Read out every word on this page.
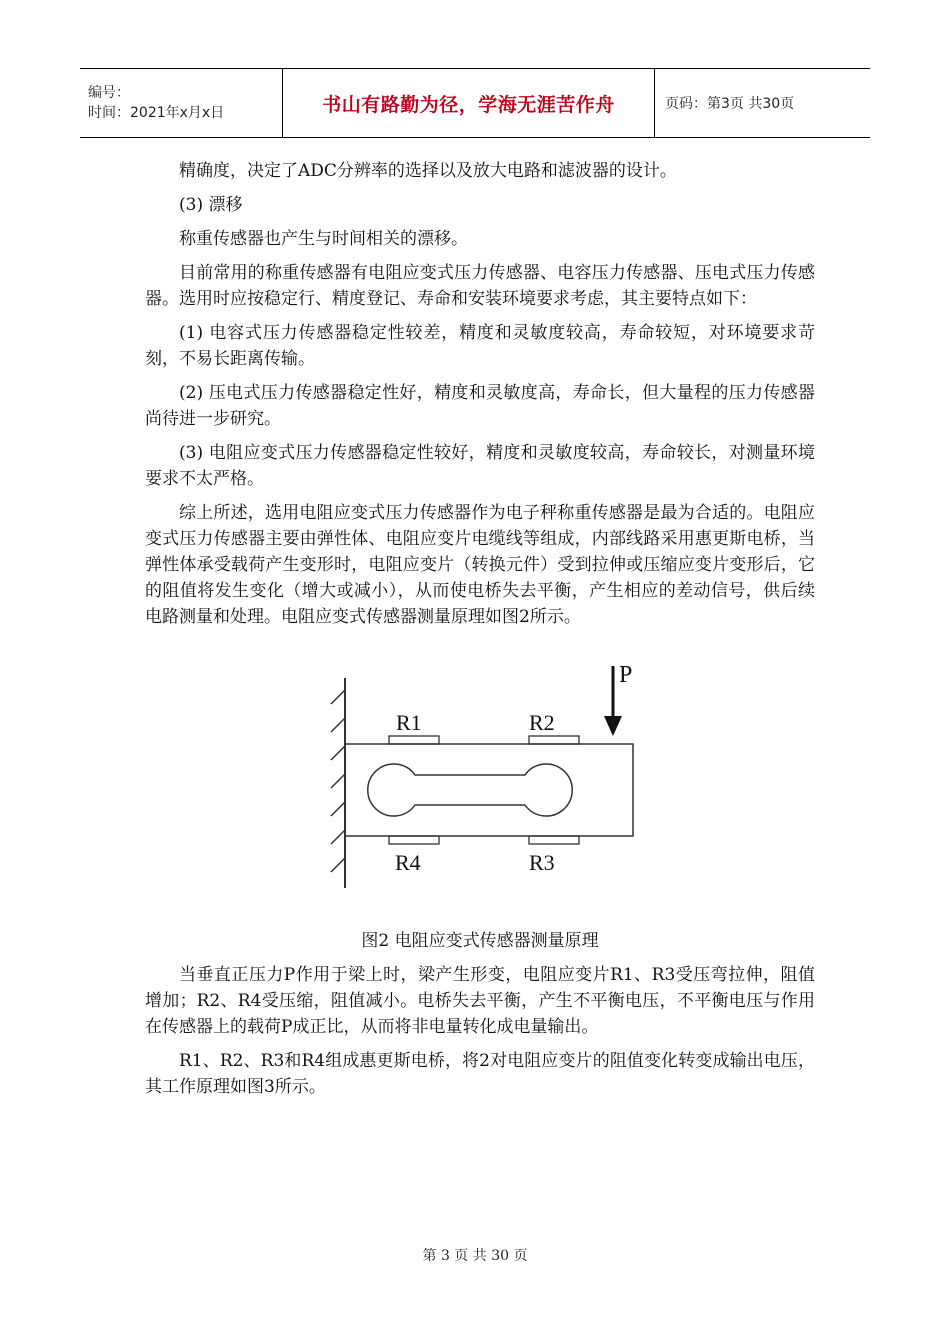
编号：
时间：2021年x月x日	书山有路勤为径，学海无涯苦作舟	页码：第3页 共30页

精确度，决定了ADC分辨率的选择以及放大电路和滤波器的设计。

(3) 漂移

称重传感器也产生与时间相关的漂移。

目前常用的称重传感器有电阻应变式压力传感器、电容压力传感器、压电式压力传感器。选用时应按稳定行、精度登记、寿命和安装环境要求考虑，其主要特点如下：

(1) 电容式压力传感器稳定性较差，精度和灵敏度较高，寿命较短，对环境要求苛刻，不易长距离传输。

(2) 压电式压力传感器稳定性好，精度和灵敏度高，寿命长，但大量程的压力传感器尚待进一步研究。

(3) 电阻应变式压力传感器稳定性较好，精度和灵敏度较高，寿命较长，对测量环境要求不太严格。

综上所述，选用电阻应变式压力传感器作为电子秤称重传感器是最为合适的。电阻应变式压力传感器主要由弹性体、电阻应变片电缆线等组成，内部线路采用惠更斯电桥，当弹性体承受载荷产生变形时，电阻应变片（转换元件）受到拉伸或压缩应变片变形后，它的阻值将发生变化（增大或减小），从而使电桥失去平衡，产生相应的差动信号，供后续电路测量和处理。电阻应变式传感器测量原理如图2所示。

P
R1	R2
R3
R4

图2 电阻应变式传感器测量原理

当垂直正压力P作用于梁上时，梁产生形变，电阻应变片R1、R3受压弯拉伸，阻值增加；R2、R4受压缩，阻值减小。电桥失去平衡，产生不平衡电压，不平衡电压与作用在传感器上的载荷P成正比，从而将非电量转化成电量输出。

R1、R2、R3和R4组成惠更斯电桥，将2对电阻应变片的阻值变化转变成输出电压，其工作原理如图3所示。

第 3 页 共 30 页
